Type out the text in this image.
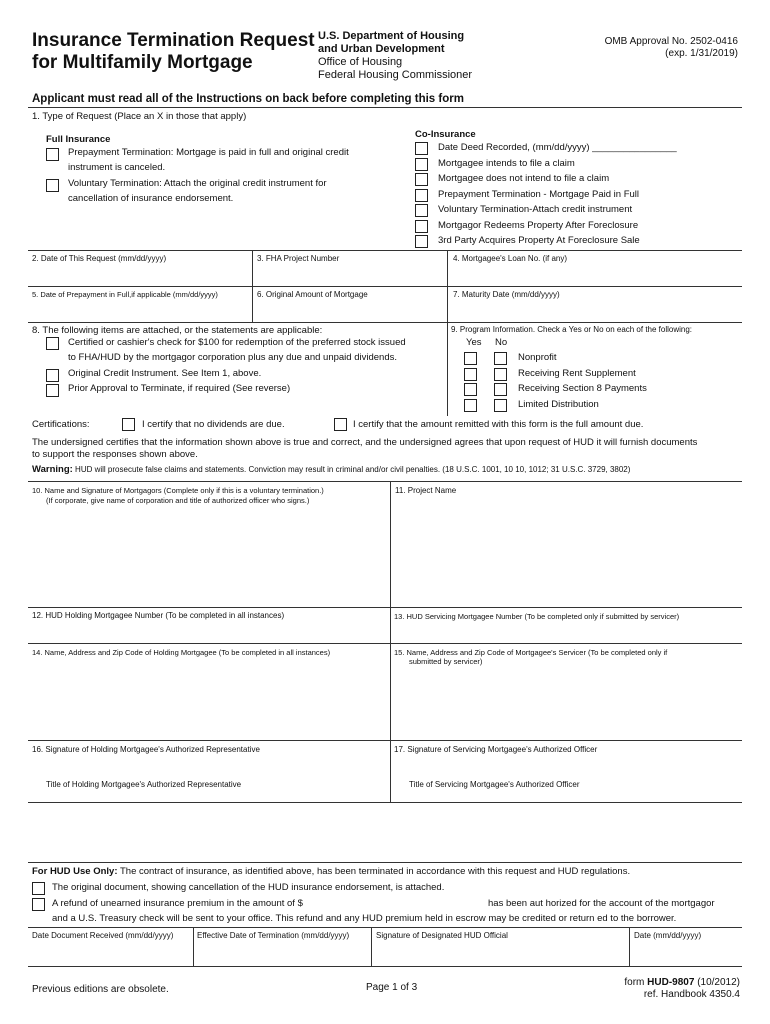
Insurance Termination Request
for Multifamily Mortgage
U.S. Department of Housing
and Urban Development
Office of Housing
Federal Housing Commissioner
OMB Approval No. 2502-0416
(exp. 1/31/2019)
Applicant must read all of the Instructions on back before completing this form
1. Type of Request (Place an X in those that apply)
Full Insurance
Prepayment Termination: Mortgage is paid in full and original credit
instrument is canceled.
Voluntary Termination: Attach the original credit instrument for
cancellation of insurance endorsement.
Co-Insurance
Date Deed Recorded, (mm/dd/yyyy) ________________
Mortgagee intends to file a claim
Mortgagee does not intend to file a claim
Prepayment Termination - Mortgage Paid in Full
Voluntary Termination-Attach credit instrument
Mortgagor Redeems Property After Foreclosure
3rd Party Acquires Property At Foreclosure Sale
2. Date of This Request (mm/dd/yyyy)	3. FHA Project Number	4. Mortgagee's Loan No. (if any)
5. Date of Prepayment in Full,if applicable (mm/dd/yyyy)	6. Original Amount of Mortgage	7. Maturity Date (mm/dd/yyyy)
8. The following items are attached, or the statements are applicable:
Certified or cashier's check for $100 for redemption of the preferred stock issued
to FHA/HUD by the mortgagor corporation plus any due and unpaid dividends.
Original Credit Instrument. See Item 1, above.
Prior Approval to Terminate, if required (See reverse)
9. Program Information. Check a Yes or No on each of the following:
Yes No
Nonprofit
Receiving Rent Supplement
Receiving Section 8 Payments
Limited Distribution
Certifications:	I certify that no dividends are due.	I certify that the amount remitted with this form is the full amount due.
The undersigned certifies that the information shown above is true and correct, and the undersigned agrees that upon request of HUD it will furnish documents
to support the responses shown above.
Warning: HUD will prosecute false claims and statements. Conviction may result in criminal and/or civil penalties. (18 U.S.C. 1001, 10 10, 1012; 31 U.S.C. 3729, 3802)
10. Name and Signature of Mortgagors (Complete only if this is a voluntary termination.)
(If corporate, give name of corporation and title of authorized officer who signs.)
11. Project Name
12. HUD Holding Mortgagee Number (To be completed in all instances)	13. HUD Servicing Mortgagee Number (To be completed only if submitted by servicer)
14. Name, Address and Zip Code of Holding Mortgagee (To be completed in all instances)	15. Name, Address and Zip Code of Mortgagee's Servicer (To be completed only if
submitted by servicer)
16. Signature of Holding Mortgagee's Authorized Representative	17. Signature of Servicing Mortgagee's Authorized Officer
Title of Holding Mortgagee's Authorized Representative	Title of Servicing Mortgagee's Authorized Officer
For HUD Use Only: The contract of insurance, as identified above, has been terminated in accordance with this request and HUD regulations.
The original document, showing cancellation of the HUD insurance endorsement, is attached.
A refund of unearned insurance premium in the amount of $	has been aut horized for the account of the mortgagor
and a U.S. Treasury check will be sent to your office. This refund and any HUD premium held in escrow may be credited or return ed to the borrower.
Date Document Received (mm/dd/yyyy)	Effective Date of Termination (mm/dd/yyyy)	Signature of Designated HUD Official	Date (mm/dd/yyyy)
Previous editions are obsolete.	Page 1 of 3	form HUD-9807 (10/2012)
ref. Handbook 4350.4
